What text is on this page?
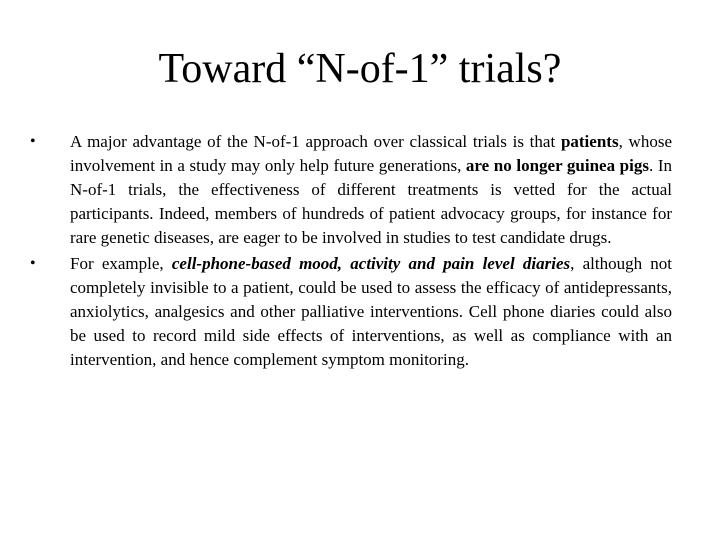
Toward “N-of-1” trials?
• A major advantage of the N-of-1 approach over classical trials is that patients, whose involvement in a study may only help future generations, are no longer guinea pigs. In N-of-1 trials, the effectiveness of different treatments is vetted for the actual participants. Indeed, members of hundreds of patient advocacy groups, for instance for rare genetic diseases, are eager to be involved in studies to test candidate drugs.
• For example, cell-phone-based mood, activity and pain level diaries, although not completely invisible to a patient, could be used to assess the efficacy of antidepressants, anxiolytics, analgesics and other palliative interventions. Cell phone diaries could also be used to record mild side effects of interventions, as well as compliance with an intervention, and hence complement symptom monitoring.
